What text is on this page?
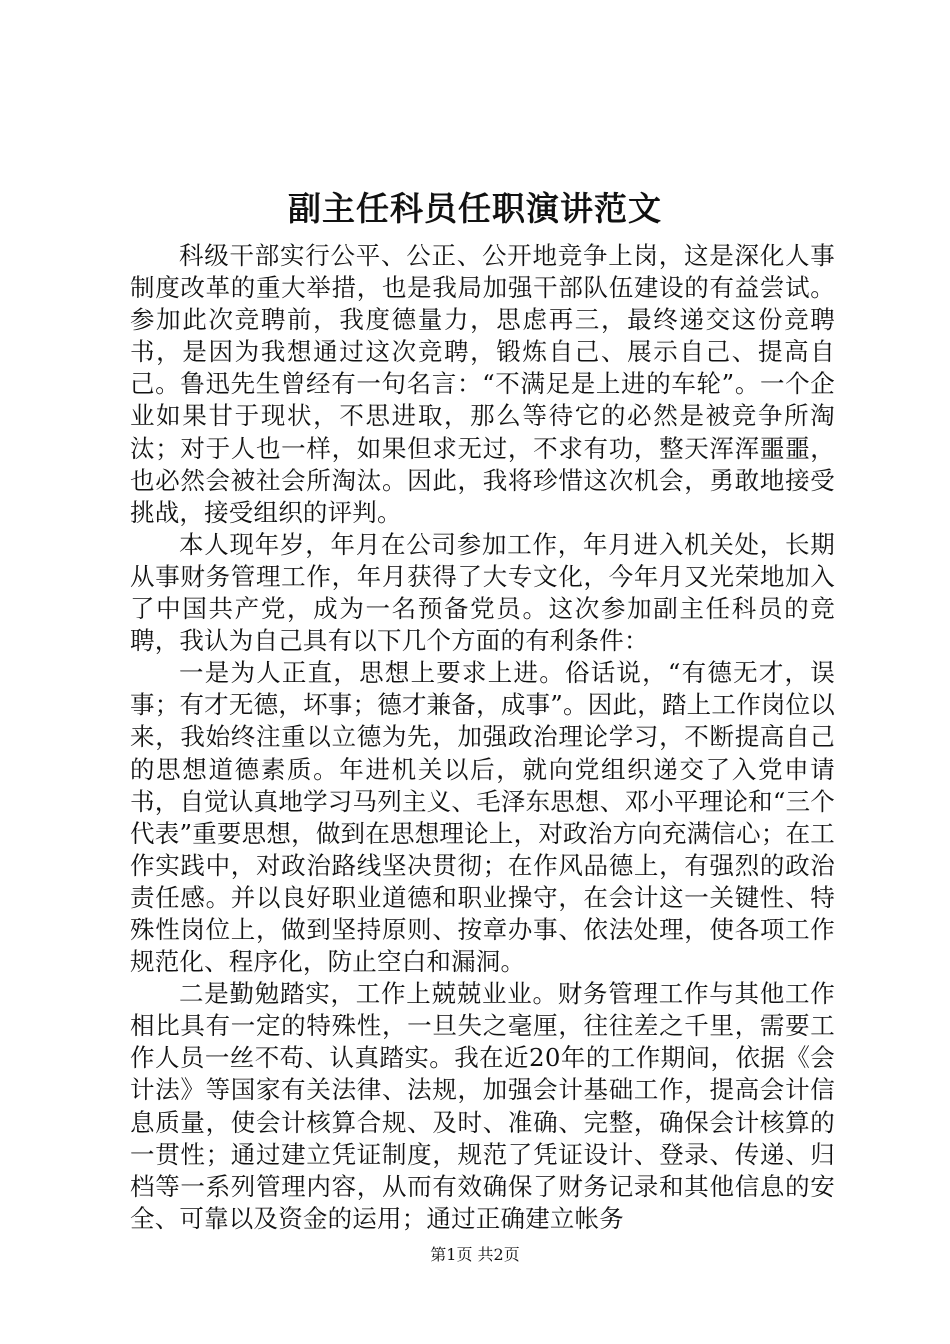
副主任科员任职演讲范文

科级干部实行公平、公正、公开地竞争上岗，这是深化人事制度改革的重大举措，也是我局加强干部队伍建设的有益尝试。参加此次竞聘前，我度德量力，思虑再三，最终递交这份竞聘书，是因为我想通过这次竞聘，锻炼自己、展示自己、提高自己。鲁迅先生曾经有一句名言：“不满足是上进的车轮”。一个企业如果甘于现状，不思进取，那么等待它的必然是被竞争所淘汰；对于人也一样，如果但求无过，不求有功，整天浑浑噩噩，也必然会被社会所淘汰。因此，我将珍惜这次机会，勇敢地接受挑战，接受组织的评判。

本人现年岁，年月在公司参加工作，年月进入机关处，长期从事财务管理工作，年月获得了大专文化，今年月又光荣地加入了中国共产党，成为一名预备党员。这次参加副主任科员的竞聘，我认为自己具有以下几个方面的有利条件：

一是为人正直，思想上要求上进。俗话说，“有德无才，误事；有才无德，坏事；德才兼备，成事”。因此，踏上工作岗位以来，我始终注重以立德为先，加强政治理论学习，不断提高自己的思想道德素质。年进机关以后，就向党组织递交了入党申请书，自觉认真地学习马列主义、毛泽东思想、邓小平理论和“三个代表”重要思想，做到在思想理论上，对政治方向充满信心；在工作实践中，对政治路线坚决贯彻；在作风品德上，有强烈的政治责任感。并以良好职业道德和职业操守，在会计这一关键性、特殊性岗位上，做到坚持原则、按章办事、依法处理，使各项工作规范化、程序化，防止空白和漏洞。

二是勤勉踏实，工作上兢兢业业。财务管理工作与其他工作相比具有一定的特殊性，一旦失之毫厘，往往差之千里，需要工作人员一丝不苟、认真踏实。我在近20年的工作期间，依据《会计法》等国家有关法律、法规，加强会计基础工作，提高会计信息质量，使会计核算合规、及时、准确、完整，确保会计核算的一贯性；通过建立凭证制度，规范了凭证设计、登录、传递、归档等一系列管理内容，从而有效确保了财务记录和其他信息的安全、可靠以及资金的运用；通过正确建立帐务

第1页 共2页
